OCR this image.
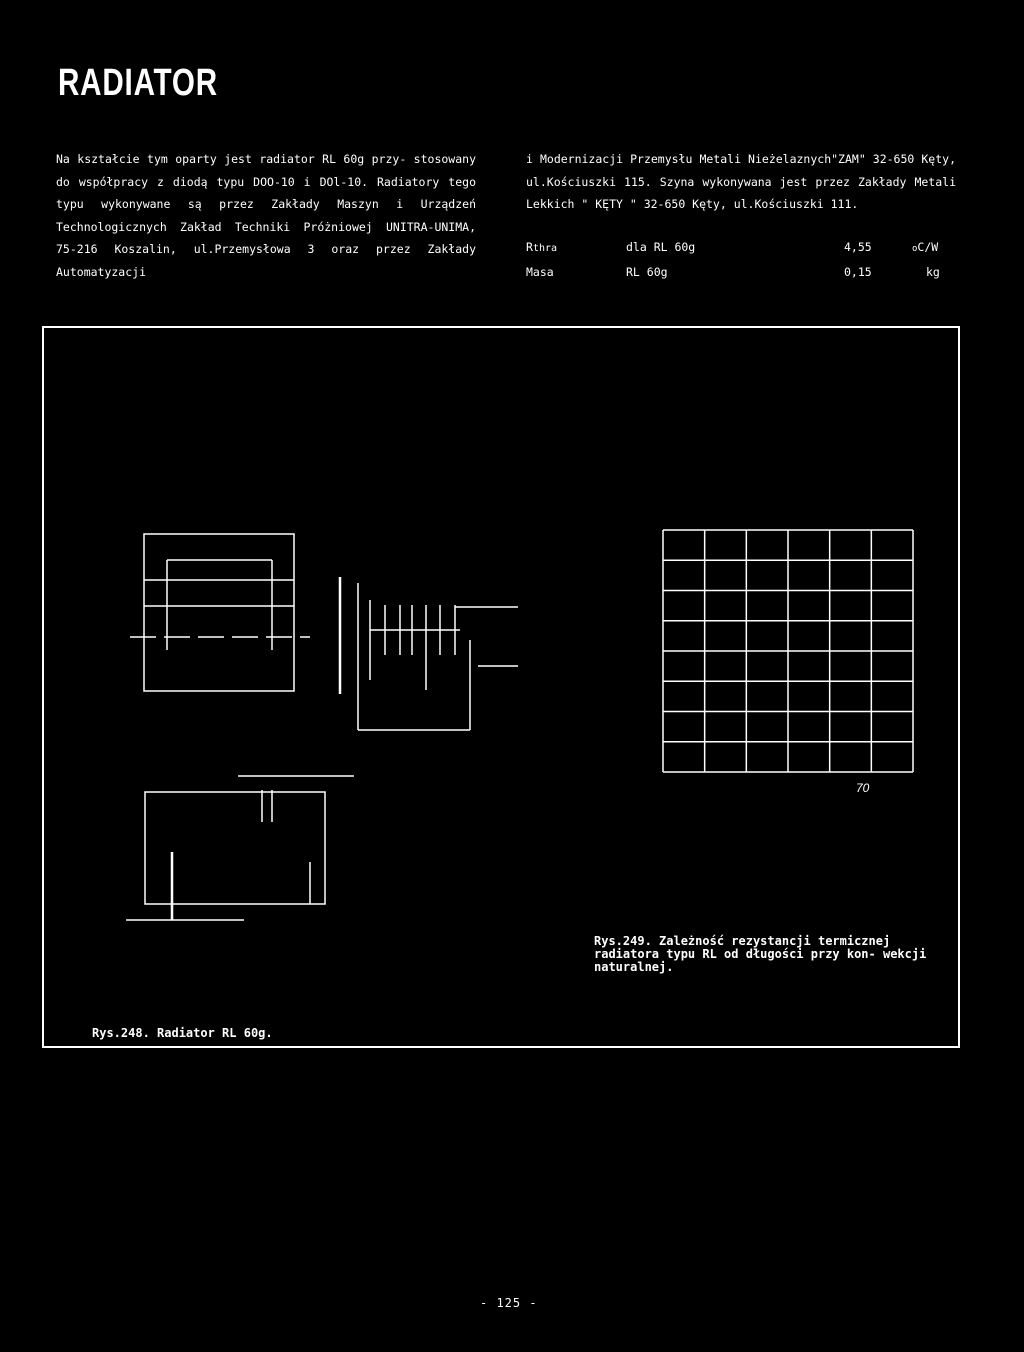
RADIATOR

Na kształcie tym oparty jest radiator RL 60g przy- stosowany do współpracy z diodą typu DOO-10 i DOl-10. Radiatory tego typu wykonywane są przez Zakłady Maszyn i Urządzeń Technologicznych Zakład Techniki Próżniowej UNITRA-UNIMA, 75-216 Koszalin, ul.Przemysłowa 3 oraz przez Zakłady Automatyzacji

i Modernizacji Przemysłu Metali Nieżelaznych"ZAM" 32-650 Kęty, ul.Kościuszki 115. Szyna wykonywana jest przez Zakłady Metali Lekkich " KĘTY " 32-650 Kęty, ul.Kościuszki 111.

Rthra	dla RL 60g	4,55	oC/W
Masa	RL 60g	0,15	kg
70
Rys.249. Zależność rezystancji termicznej radiatora typu RL od długości przy kon- wekcji naturalnej.
Rys.248. Radiator RL 60g.
- 125 -
